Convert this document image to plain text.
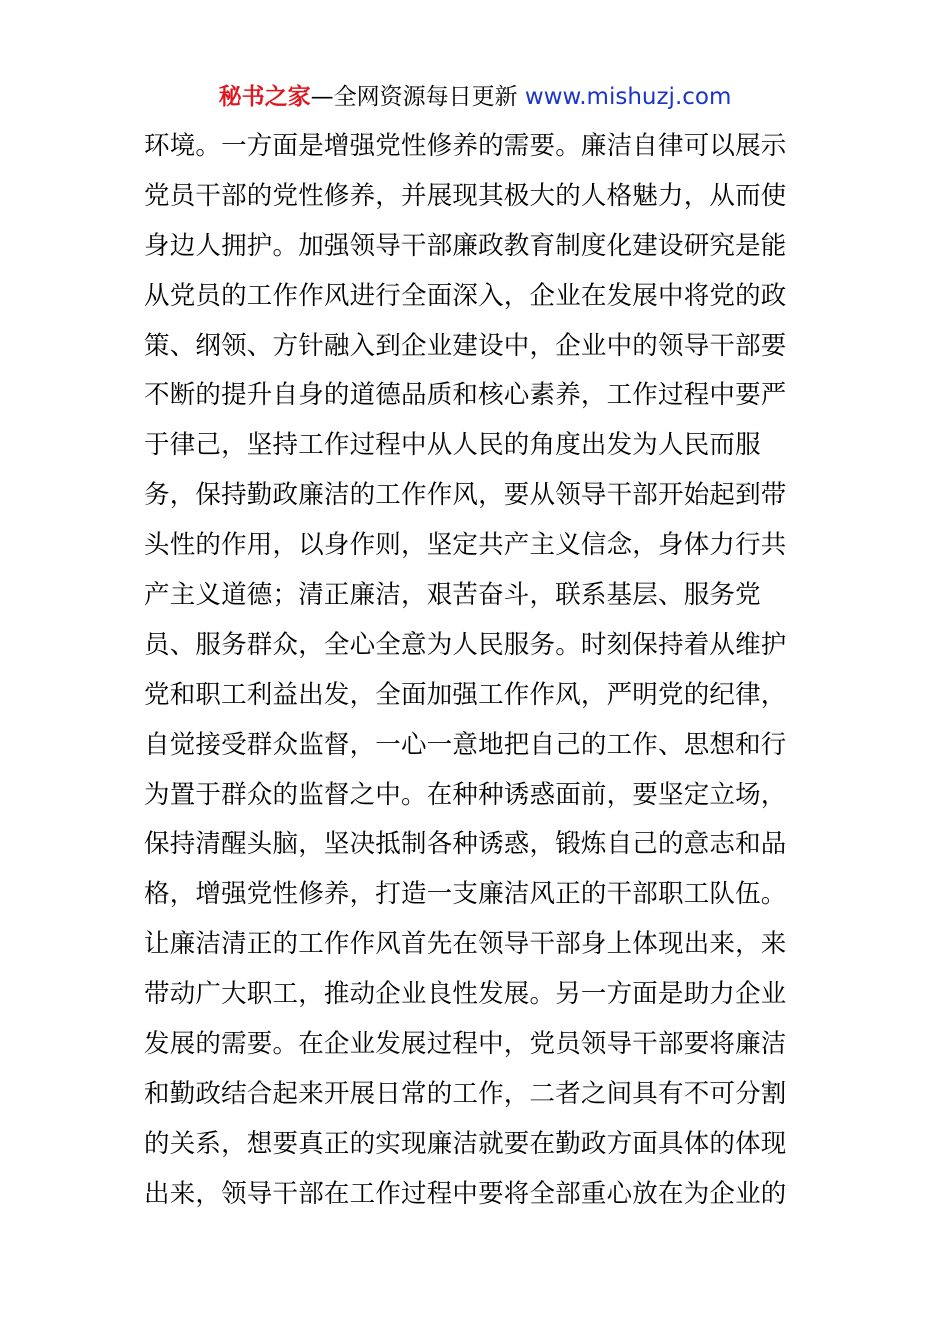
秘书之家—全网资源每日更新 www.mishuzj.com
环境。一方面是增强党性修养的需要。廉洁自律可以展示
党员干部的党性修养，并展现其极大的人格魅力，从而使
身边人拥护。加强领导干部廉政教育制度化建设研究是能
从党员的工作作风进行全面深入，企业在发展中将党的政
策、纲领、方针融入到企业建设中，企业中的领导干部要
不断的提升自身的道德品质和核心素养，工作过程中要严
于律己，坚持工作过程中从人民的角度出发为人民而服
务，保持勤政廉洁的工作作风，要从领导干部开始起到带
头性的作用，以身作则，坚定共产主义信念，身体力行共
产主义道德；清正廉洁，艰苦奋斗，联系基层、服务党
员、服务群众，全心全意为人民服务。时刻保持着从维护
党和职工利益出发，全面加强工作作风，严明党的纪律，
自觉接受群众监督，一心一意地把自己的工作、思想和行
为置于群众的监督之中。在种种诱惑面前，要坚定立场，
保持清醒头脑，坚决抵制各种诱惑，锻炼自己的意志和品
格，增强党性修养，打造一支廉洁风正的干部职工队伍。
让廉洁清正的工作作风首先在领导干部身上体现出来，来
带动广大职工，推动企业良性发展。另一方面是助力企业
发展的需要。在企业发展过程中，党员领导干部要将廉洁
和勤政结合起来开展日常的工作，二者之间具有不可分割
的关系，想要真正的实现廉洁就要在勤政方面具体的体现
出来，领导干部在工作过程中要将全部重心放在为企业的
